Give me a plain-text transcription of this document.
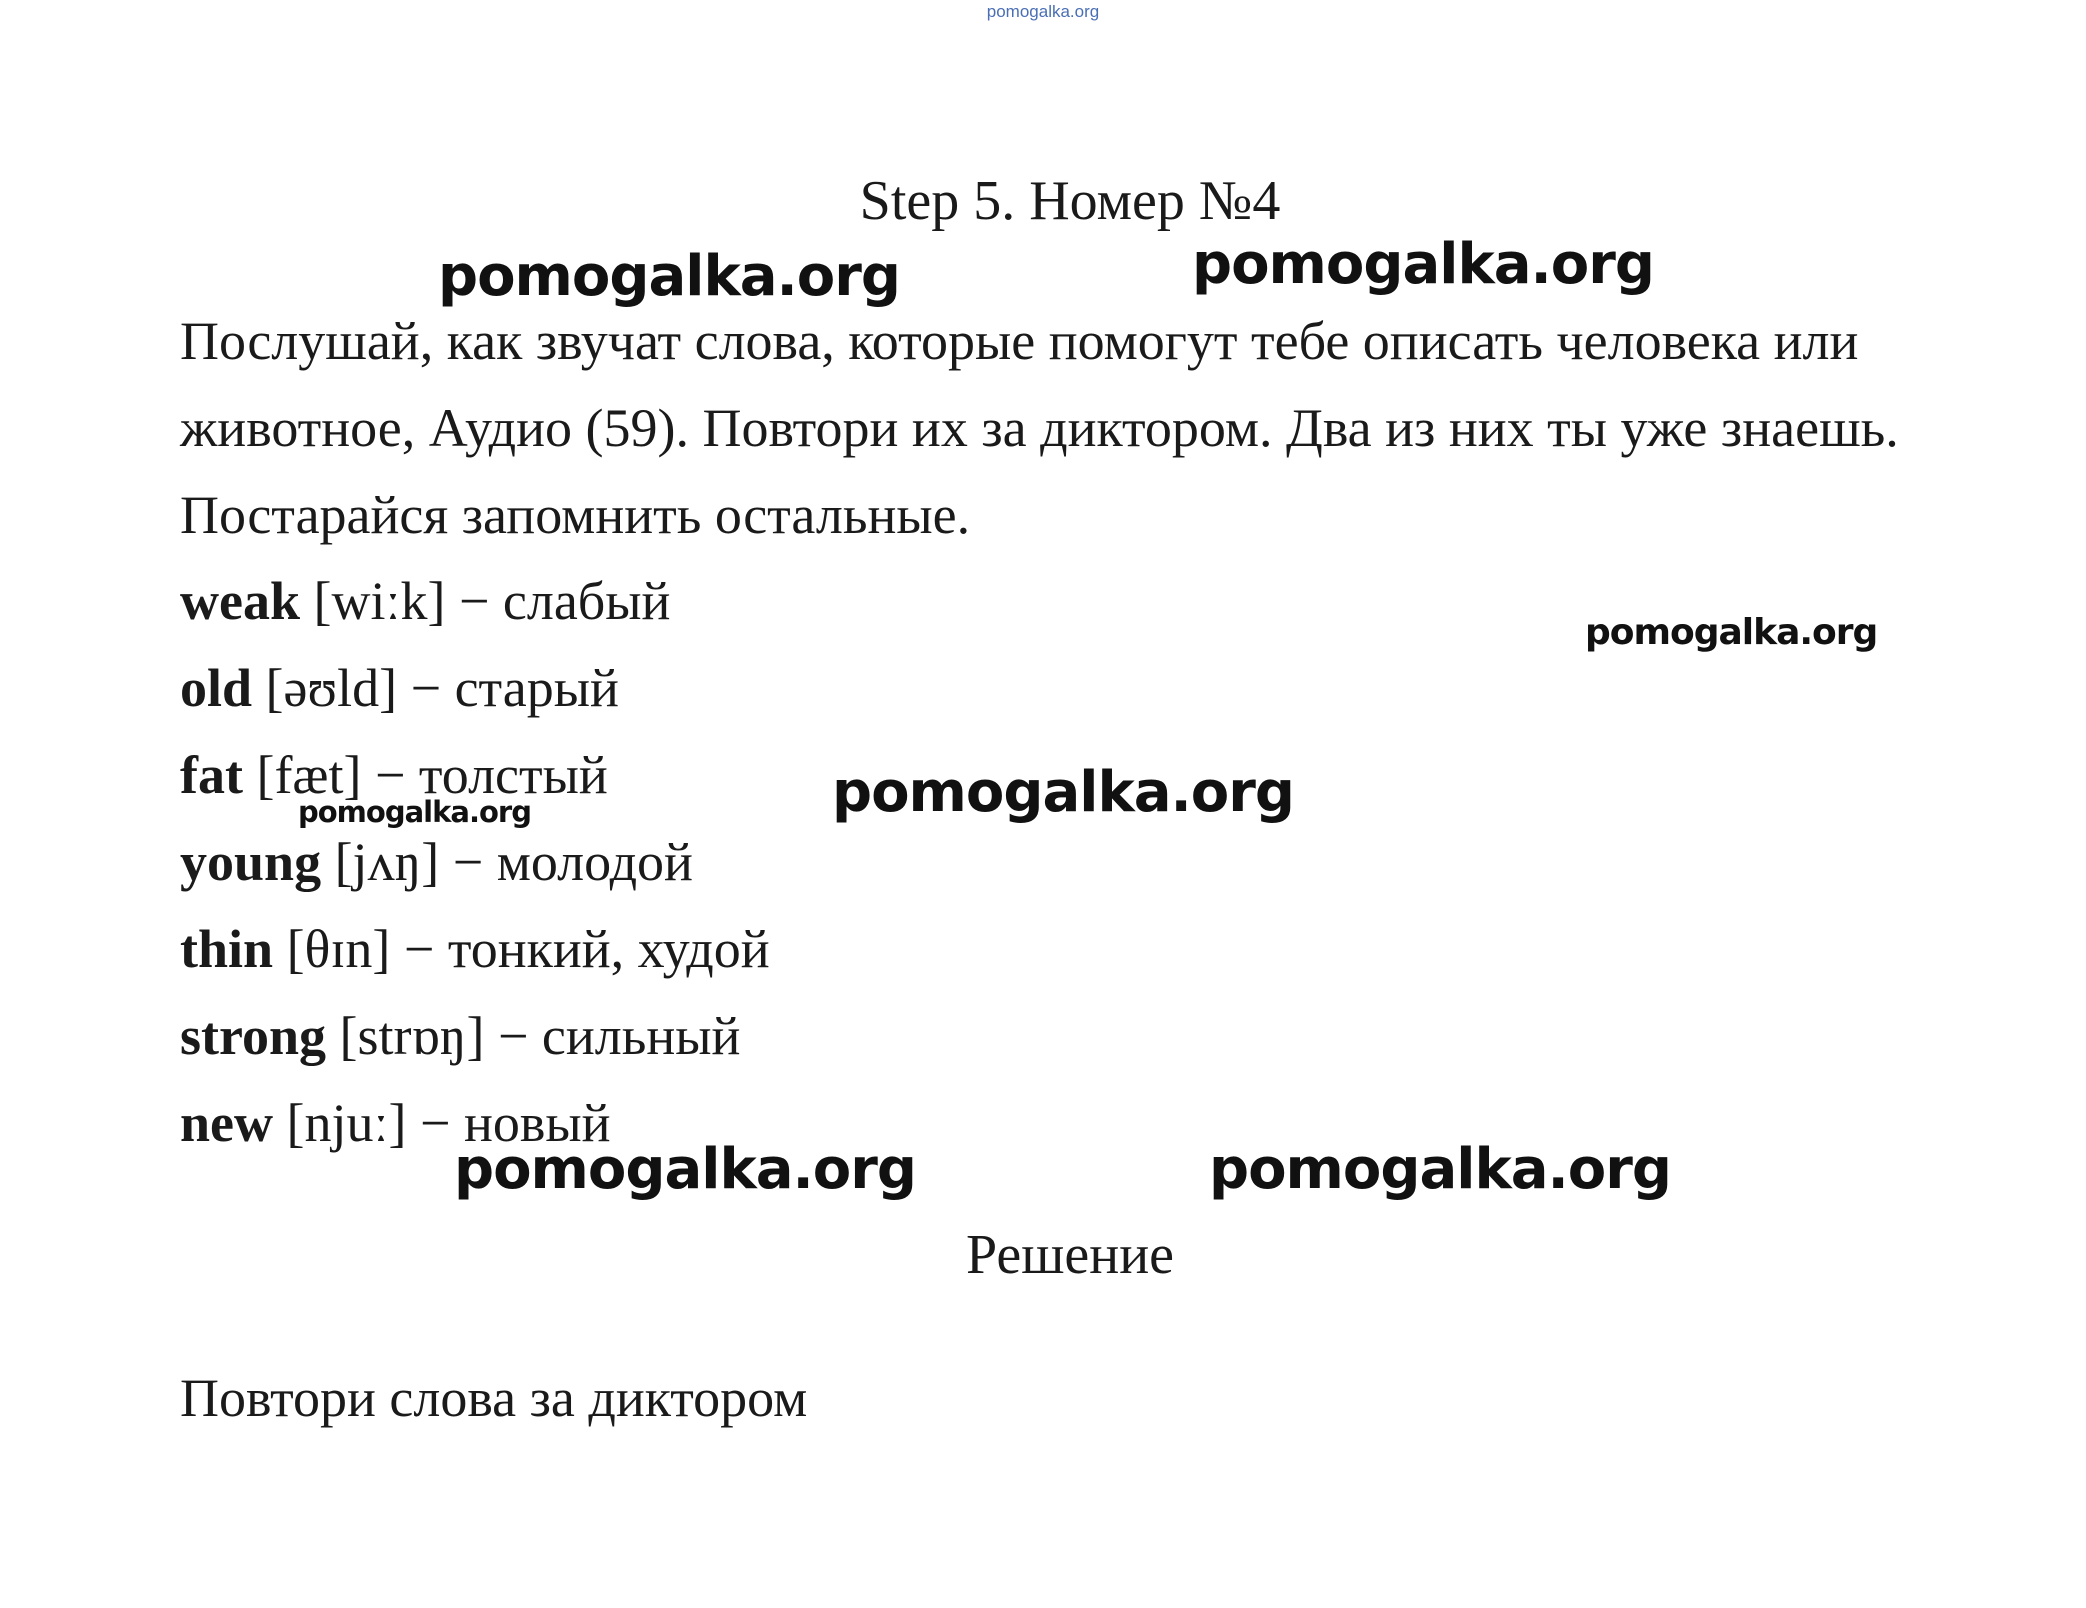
pomogalka.org
Step 5. Номер №4

Послушай, как звучат слова, которые помогут тебе описать человека или животное, Аудио (59). Повтори их за диктором. Два из них ты уже знаешь. Постарайся запомнить остальные.

weak [wiːk] − слабый
old [əʊld] − старый
fat [fæt] − толстый
young [jʌŋ] − молодой
thin [θɪn] − тонкий, худой
strong [strɒŋ] − сильный
new [njuː] − новый
Решение
Повтори слова за диктором
pomogalka.org	pomogalka.org
pomogalka.org
pomogalka.org
pomogalka.org
pomogalka.org	pomogalka.org
